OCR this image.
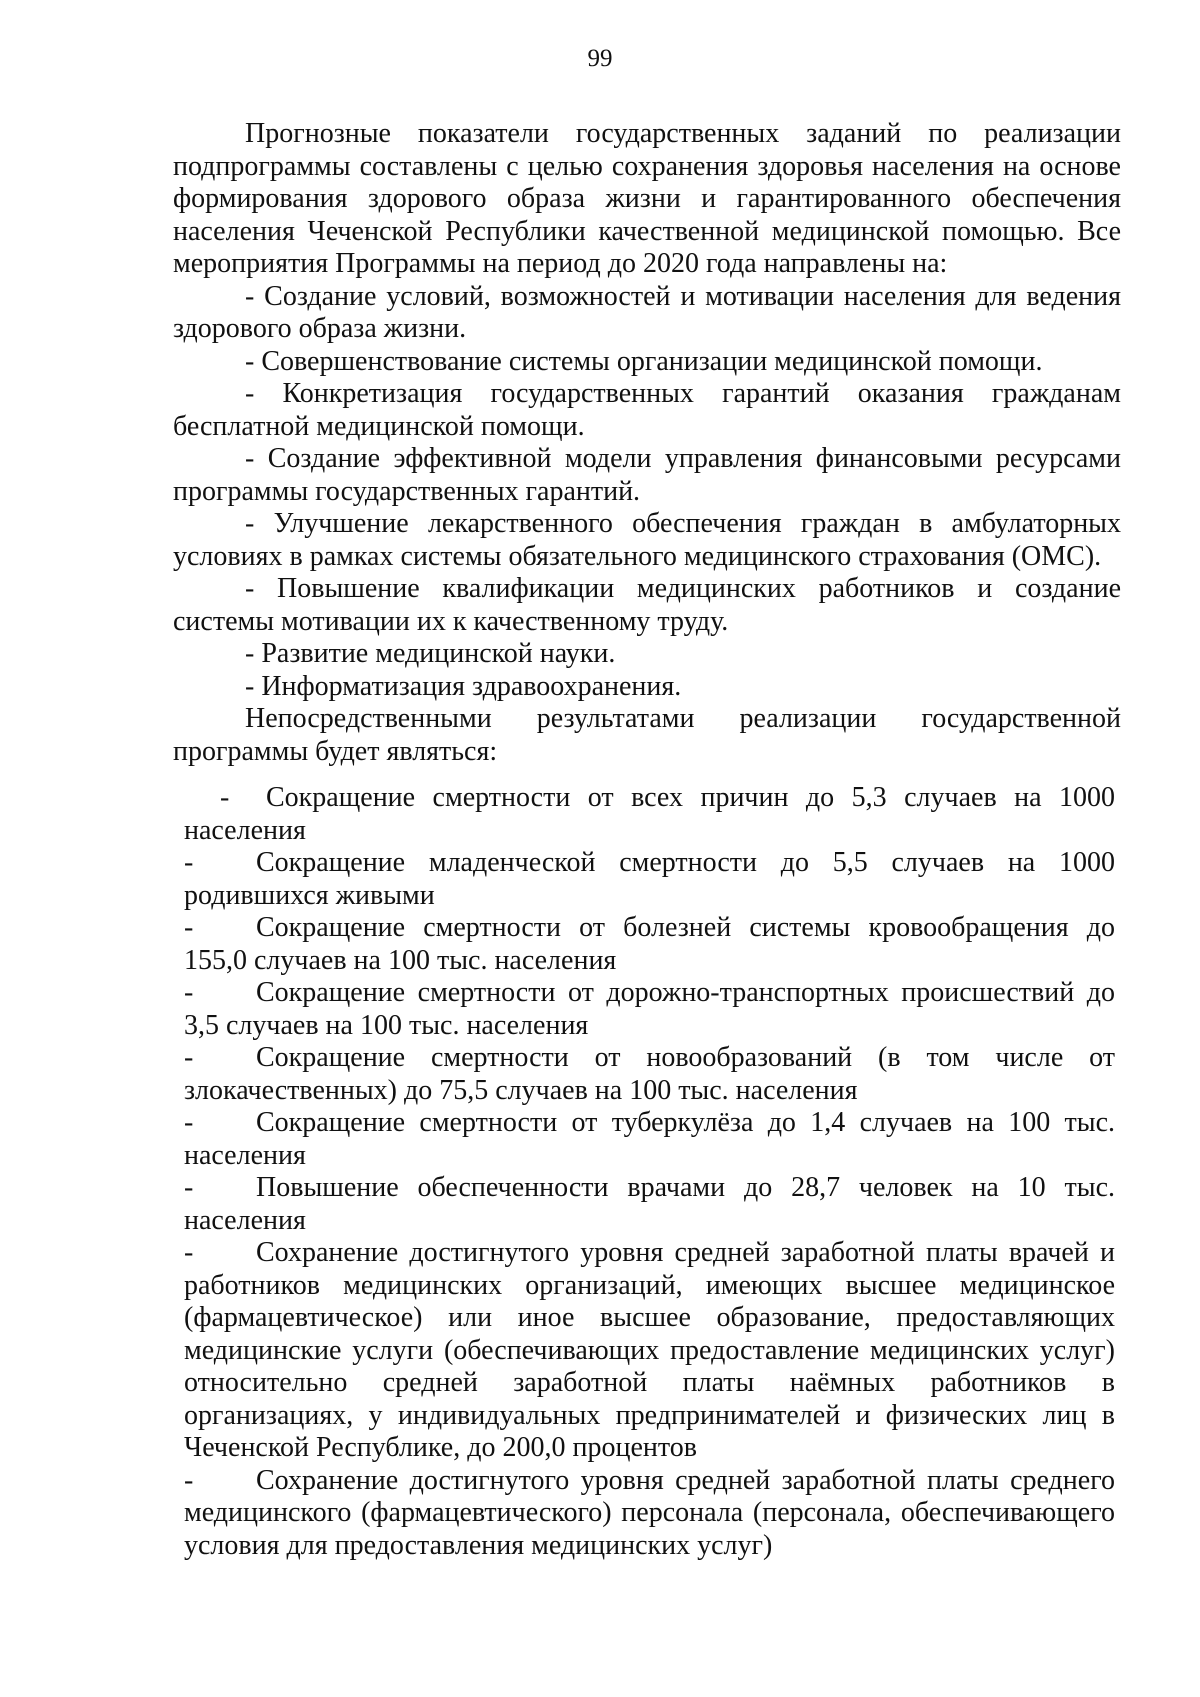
99

Прогнозные показатели государственных заданий по реализации подпрограммы составлены с целью сохранения здоровья населения на основе формирования здорового образа жизни и гарантированного обеспечения населения Чеченской Республики качественной медицинской помощью. Все мероприятия Программы на период до 2020 года направлены на:

- Создание условий, возможностей и мотивации населения для ведения здорового образа жизни.

- Совершенствование системы организации медицинской помощи.

- Конкретизация государственных гарантий оказания гражданам бесплатной медицинской помощи.

- Создание эффективной модели управления финансовыми ресурсами программы государственных гарантий.

- Улучшение лекарственного обеспечения граждан в амбулаторных условиях в рамках системы обязательного медицинского страхования (ОМС).

- Повышение квалификации медицинских работников и создание системы мотивации их к качественному труду.

- Развитие медицинской науки.

- Информатизация здравоохранения.

Непосредственными результатами реализации государственной программы будет являться:

- Сокращение смертности от всех причин до 5,3 случаев на 1000 населения

- Сокращение младенческой смертности до 5,5 случаев на 1000 родившихся живыми

- Сокращение смертности от болезней системы кровообращения до 155,0 случаев на 100 тыс. населения

- Сокращение смертности от дорожно-транспортных происшествий до 3,5 случаев на 100 тыс. населения

- Сокращение смертности от новообразований (в том числе от злокачественных) до 75,5 случаев на 100 тыс. населения

- Сокращение смертности от туберкулёза до 1,4 случаев на 100 тыс. населения

- Повышение обеспеченности врачами до 28,7 человек на 10 тыс. населения

- Сохранение достигнутого уровня средней заработной платы врачей и работников медицинских организаций, имеющих высшее медицинское (фармацевтическое) или иное высшее образование, предоставляющих медицинские услуги (обеспечивающих предоставление медицинских услуг) относительно средней заработной платы наёмных работников в организациях, у индивидуальных предпринимателей и физических лиц в Чеченской Республике, до 200,0 процентов

- Сохранение достигнутого уровня средней заработной платы среднего медицинского (фармацевтического) персонала (персонала, обеспечивающего условия для предоставления медицинских услуг)
